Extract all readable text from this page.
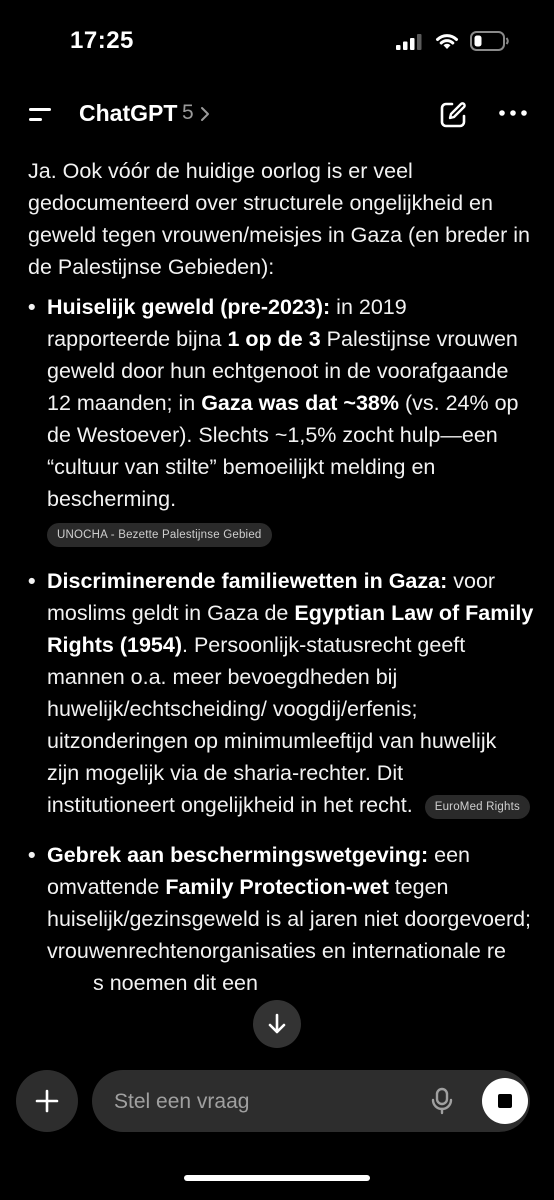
17:25
ChatGPT 5

Ja. Ook vóór de huidige oorlog is er veel gedocumenteerd over structurele ongelijkheid en geweld tegen vrouwen/meisjes in Gaza (en breder in de Palestijnse Gebieden):

• Huiselijk geweld (pre-2023): in 2019 rapporteerde bijna 1 op de 3 Palestijnse vrouwen geweld door hun echtgenoot in de voorafgaande 12 maanden; in Gaza was dat ~38% (vs. 24% op de Westoever). Slechts ~1,5% zocht hulp—een “cultuur van stilte” bemoeilijkt melding en bescherming.
UNOCHA - Bezette Palestijnse Gebied
• Discriminerende familiewetten in Gaza: voor moslims geldt in Gaza de Egyptian Law of Family Rights (1954). Persoonlijk-statusrecht geeft mannen o.a. meer bevoegdheden bij huwelijk/echtscheiding/ voogdij/erfenis; uitzonderingen op minimumleeftijd van huwelijk zijn mogelijk via de sharia-rechter. Dit institutioneert ongelijkheid in het recht. EuroMed Rights
• Gebrek aan beschermingswetgeving: een omvattende Family Protection-wet tegen huiselijk/gezinsgeweld is al jaren niet doorgevoerd; vrouwenrechtenorganisaties en internationale res noemen dit een
Stel een vraag
